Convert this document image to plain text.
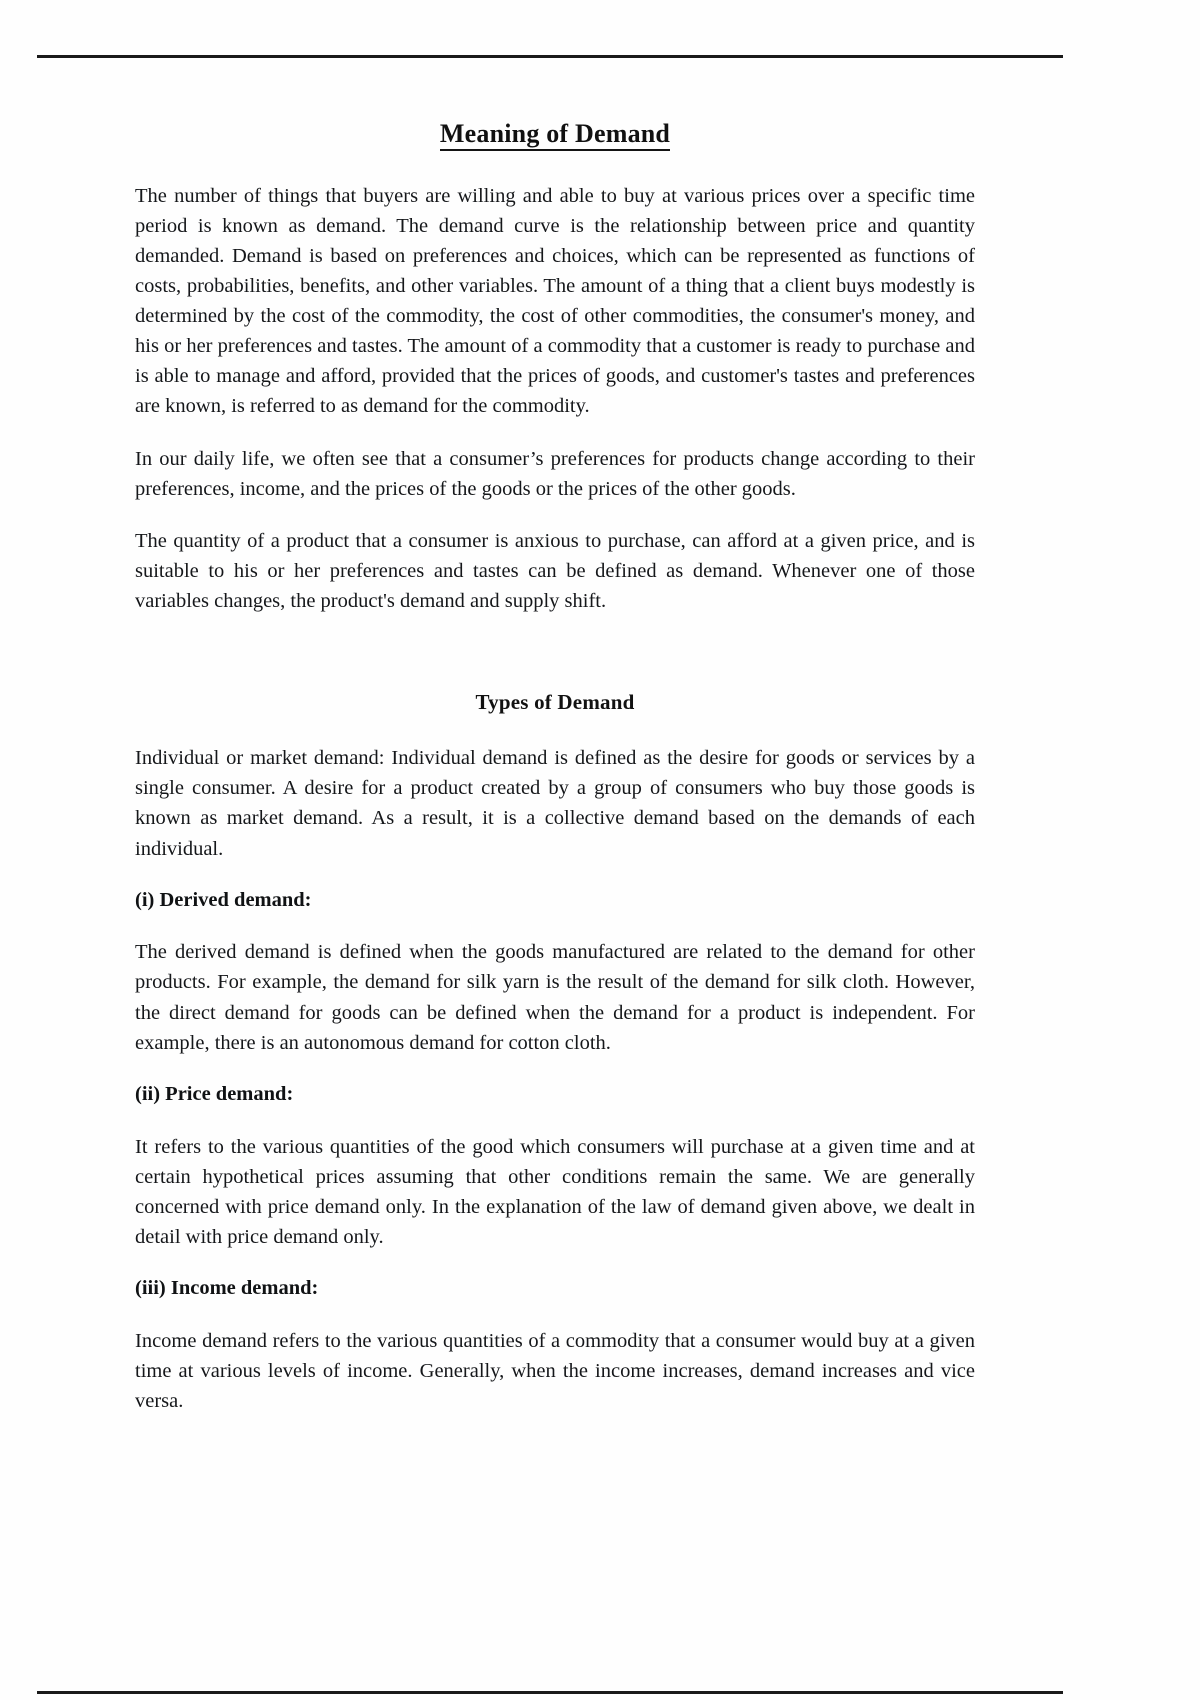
Meaning of Demand

The number of things that buyers are willing and able to buy at various prices over a specific time period is known as demand. The demand curve is the relationship between price and quantity demanded. Demand is based on preferences and choices, which can be represented as functions of costs, probabilities, benefits, and other variables. The amount of a thing that a client buys modestly is determined by the cost of the commodity, the cost of other commodities, the consumer's money, and his or her preferences and tastes. The amount of a commodity that a customer is ready to purchase and is able to manage and afford, provided that the prices of goods, and customer's tastes and preferences are known, is referred to as demand for the commodity.

In our daily life, we often see that a consumer’s preferences for products change according to their preferences, income, and the prices of the goods or the prices of the other goods.

The quantity of a product that a consumer is anxious to purchase, can afford at a given price, and is suitable to his or her preferences and tastes can be defined as demand. Whenever one of those variables changes, the product's demand and supply shift.

Types of Demand

Individual or market demand: Individual demand is defined as the desire for goods or services by a single consumer. A desire for a product created by a group of consumers who buy those goods is known as market demand. As a result, it is a collective demand based on the demands of each individual.

(i) Derived demand:

The derived demand is defined when the goods manufactured are related to the demand for other products. For example, the demand for silk yarn is the result of the demand for silk cloth. However, the direct demand for goods can be defined when the demand for a product is independent. For example, there is an autonomous demand for cotton cloth.

(ii) Price demand:

It refers to the various quantities of the good which consumers will purchase at a given time and at certain hypothetical prices assuming that other conditions remain the same. We are generally concerned with price demand only. In the explanation of the law of demand given above, we dealt in detail with price demand only.

(iii) Income demand:

Income demand refers to the various quantities of a commodity that a consumer would buy at a given time at various levels of income. Generally, when the income increases, demand increases and vice versa.
